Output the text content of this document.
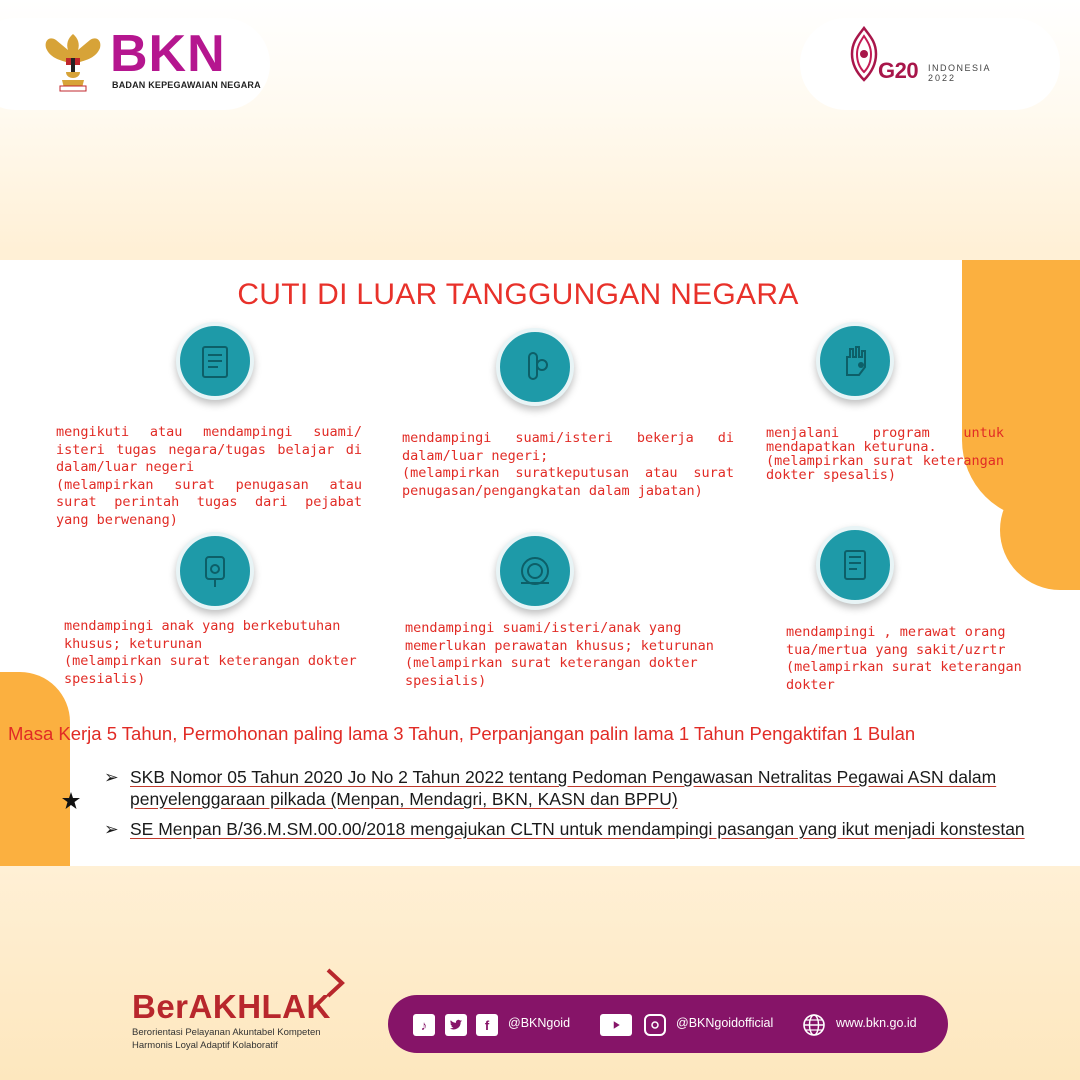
BKN
BADAN KEPEGAWAIAN NEGARA
G20 INDONESIA
2022
CUTI DI LUAR TANGGUNGAN NEGARA

mengikuti atau mendampingi suami/ isteri tugas negara/tugas belajar di dalam/luar negeri

(melampirkan surat penugasan atau surat perintah tugas dari pejabat yang berwenang)

mendampingi suami/isteri bekerja di dalam/luar negeri;

(melampirkan suratkeputusan atau surat penugasan/pengangkatan dalam jabatan)

menjalani program untuk mendapatkan keturuna.

(melampirkan surat keterangan dokter spesalis)

mendampingi anak yang berkebutuhan khusus; keturunan

(melampirkan surat keterangan dokter spesialis)

mendampingi suami/isteri/anak yang memerlukan perawatan khusus; keturunan

(melampirkan surat keterangan dokter spesialis)

mendampingi , merawat orang tua/mertua yang sakit/uzrtr

(melampirkan surat keterangan dokter

Masa Kerja 5 Tahun, Permohonan paling lama 3 Tahun, Perpanjangan palin lama 1 Tahun Pengaktifan 1 Bulan
➢ SKB Nomor 05 Tahun 2020 Jo No 2 Tahun 2022 tentang Pedoman Pengawasan Netralitas Pegawai ASN dalam penyelenggaraan pilkada (Menpan, Mendagri, BKN, KASN dan BPPU)
➢ SE Menpan B/36.M.SM.00.00/2018 mengajukan CLTN untuk mendampingi pasangan yang ikut menjadi konstestan
BerAKHLAK
Berorientasi Pelayanan Akuntabel Kompeten
Harmonis Loyal Adaptif Kolaboratif
♪	f	@BKNgoid	@BKNgoidofficial	www.bkn.go.id
